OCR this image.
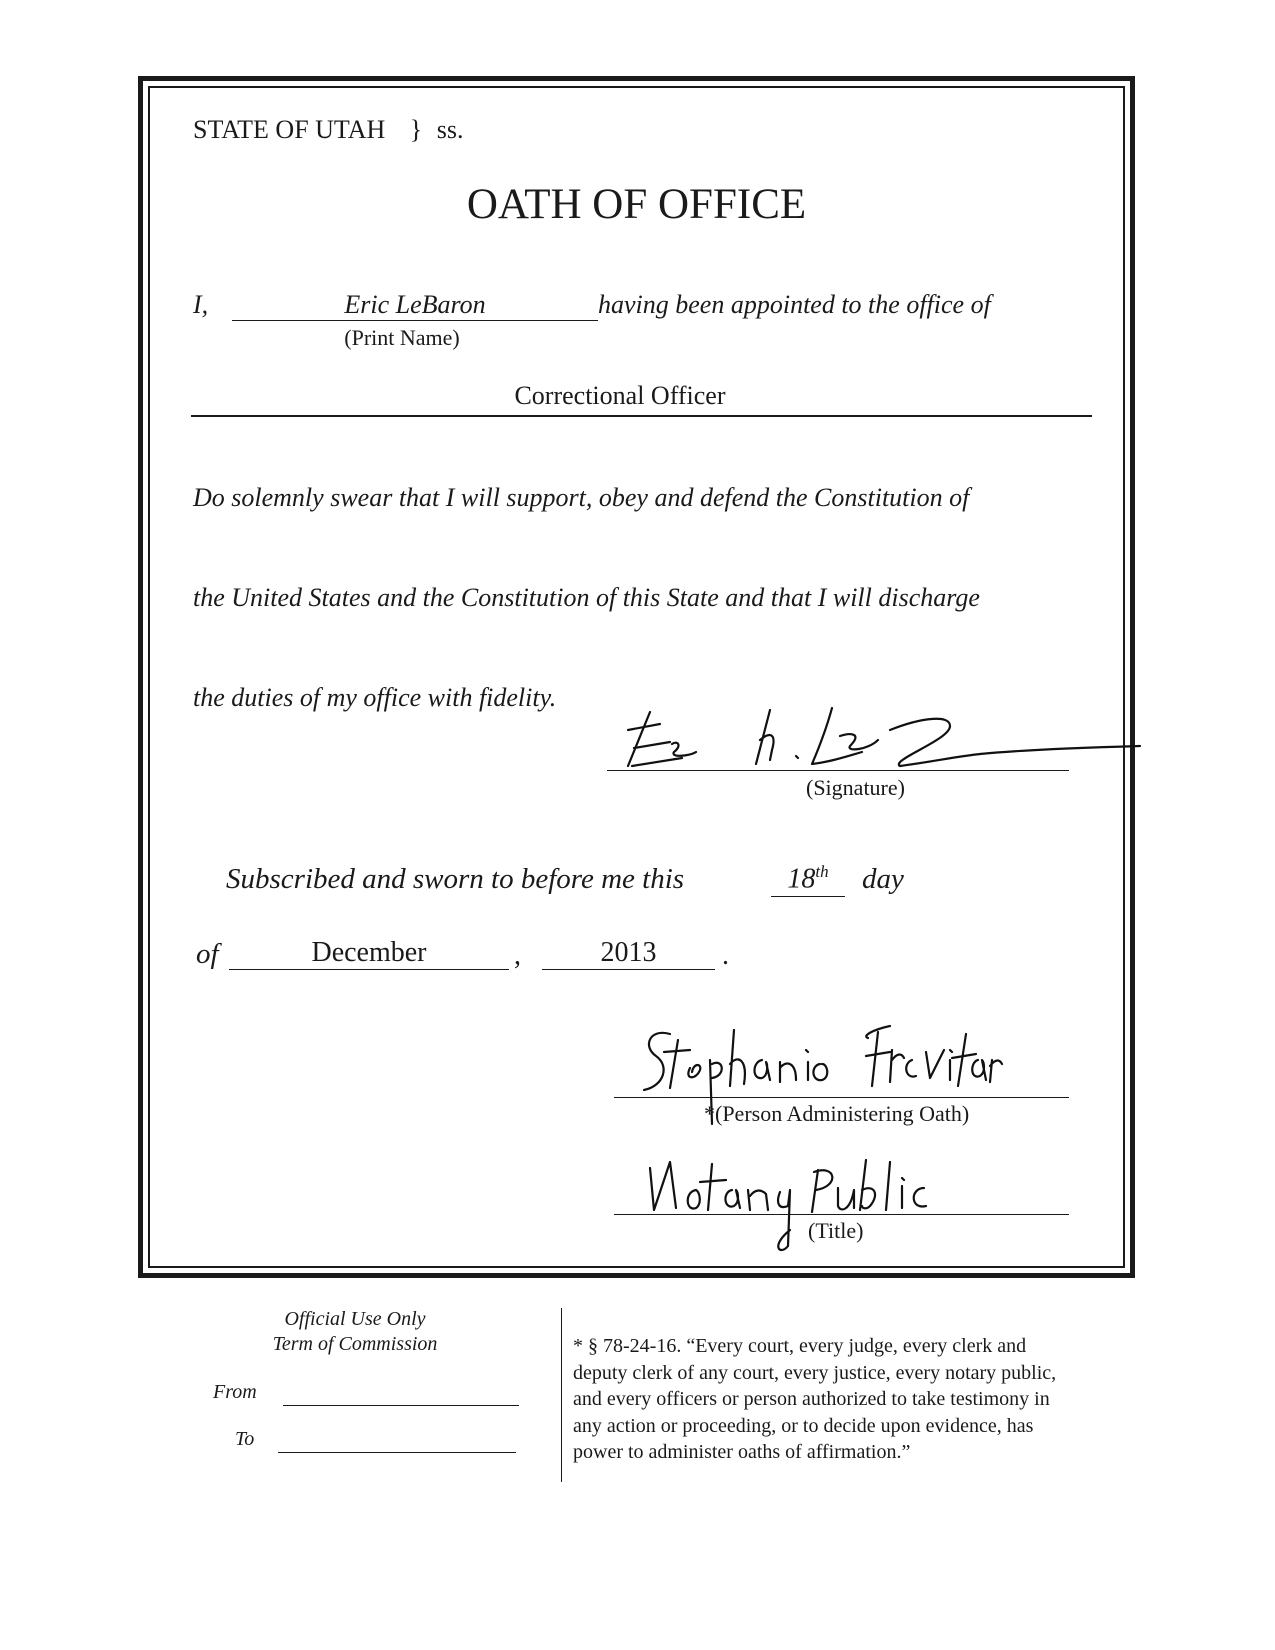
STATE OF UTAH } ss.
OATH OF OFFICE
I,	Eric LeBaron	having been appointed to the office of
(Print Name)
Correctional Officer
Do solemnly swear that I will support, obey and defend the Constitution of
the United States and the Constitution of this State and that I will discharge
the duties of my office with fidelity.
(Signature)
Subscribed and sworn to before me this	18th	day
of	December	,	2013	.
*(Person Administering Oath)
(Title)
Official Use Only
Term of Commission
From
To
* § 78-24-16. “Every court, every judge, every clerk and
deputy clerk of any court, every justice, every notary public,
and every officers or person authorized to take testimony in
any action or proceeding, or to decide upon evidence, has
power to administer oaths of affirmation.”
